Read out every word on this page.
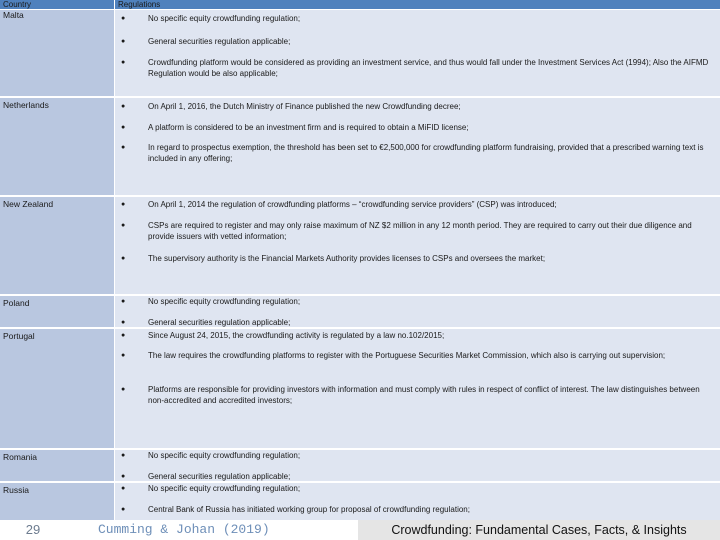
Country	Regulations
Malta	●	No specific equity crowdfunding regulation;
●	General securities regulation applicable;
●	Crowdfunding platform would be considered as providing an investment service, and thus would fall under the Investment Services Act (1994); Also the AIFMD Regulation would be also applicable;
Netherlands	●	On April 1, 2016, the Dutch Ministry of Finance published the new Crowdfunding decree;
●	A platform is considered to be an investment firm and is required to obtain a MiFID license;
●	In regard to prospectus exemption, the threshold has been set to €2,500,000 for crowdfunding platform fundraising, provided that a prescribed warning text is included in any offering;
New Zealand	●	On April 1, 2014 the regulation of crowdfunding platforms – “crowdfunding service providers” (CSP) was introduced;
●	CSPs are required to register and may only raise maximum of NZ $2 million in any 12 month period. They are required to carry out their due diligence and provide issuers with vetted information;
●	The supervisory authority is the Financial Markets Authority provides licenses to CSPs and oversees the market;
Poland	●	No specific equity crowdfunding regulation;
●	General securities regulation applicable;
Portugal	●	Since August 24, 2015, the crowdfunding activity is regulated by a law no.102/2015;
●	The law requires the crowdfunding platforms to register with the Portuguese Securities Market Commission, which also is carrying out supervision;
●	Platforms are responsible for providing investors with information and must comply with rules in respect of conflict of interest. The law distinguishes between non-accredited and accredited investors;
Romania	●	No specific equity crowdfunding regulation;
●	General securities regulation applicable;
Russia	●	No specific equity crowdfunding regulation;
●	Central Bank of Russia has initiated working group for proposal of crowdfunding regulation;
29	Cumming & Johan (2019)	Crowdfunding: Fundamental Cases, Facts, & Insights
